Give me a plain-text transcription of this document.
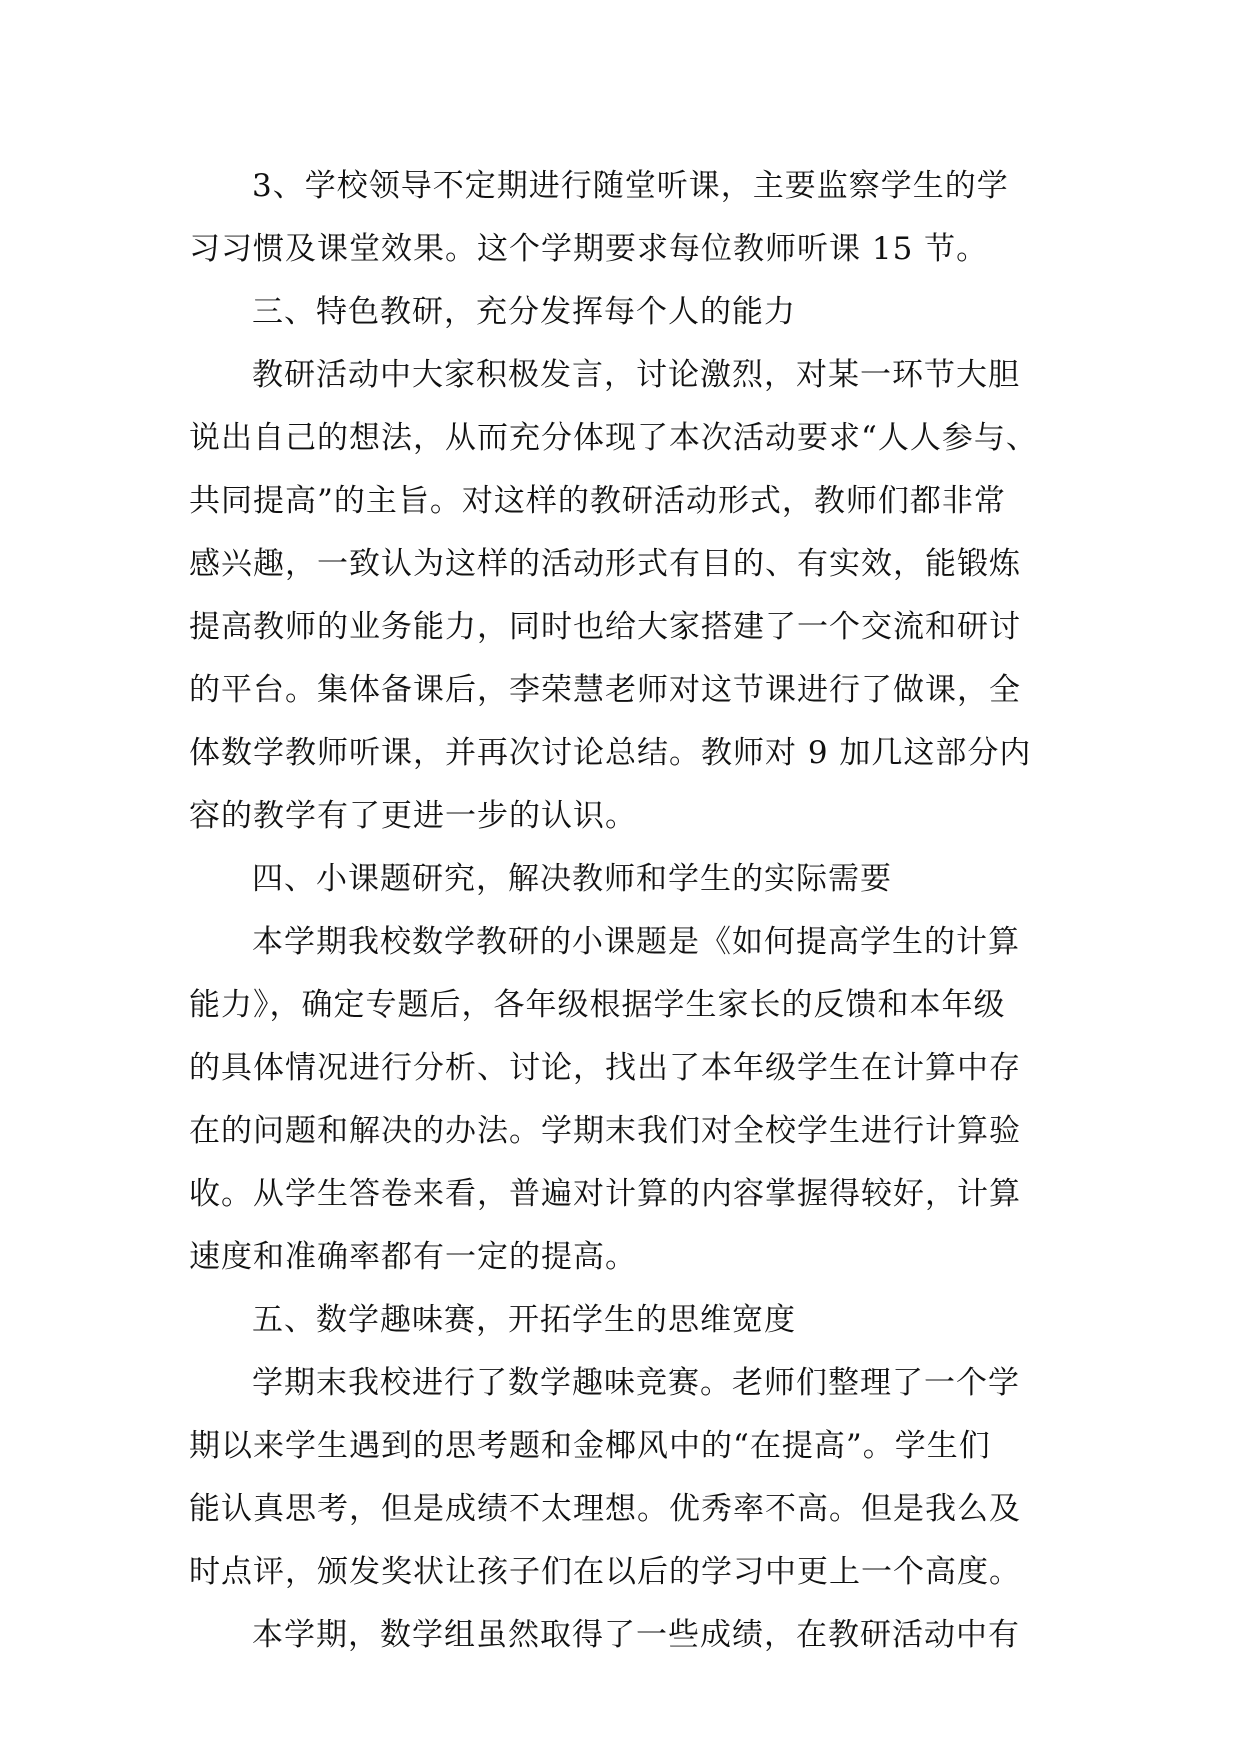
3、学校领导不定期进行随堂听课，主要监察学生的学
习习惯及课堂效果。这个学期要求每位教师听课 15 节。
三、特色教研，充分发挥每个人的能力
教研活动中大家积极发言，讨论激烈，对某一环节大胆
说出自己的想法，从而充分体现了本次活动要求“人人参与、
共同提高”的主旨。对这样的教研活动形式，教师们都非常
感兴趣，一致认为这样的活动形式有目的、有实效，能锻炼
提高教师的业务能力，同时也给大家搭建了一个交流和研讨
的平台。集体备课后，李荣慧老师对这节课进行了做课，全
体数学教师听课，并再次讨论总结。教师对 9 加几这部分内
容的教学有了更进一步的认识。
四、小课题研究，解决教师和学生的实际需要
本学期我校数学教研的小课题是《如何提高学生的计算
能力》，确定专题后，各年级根据学生家长的反馈和本年级
的具体情况进行分析、讨论，找出了本年级学生在计算中存
在的问题和解决的办法。学期末我们对全校学生进行计算验
收。从学生答卷来看，普遍对计算的内容掌握得较好，计算
速度和准确率都有一定的提高。
五、数学趣味赛，开拓学生的思维宽度
学期末我校进行了数学趣味竞赛。老师们整理了一个学
期以来学生遇到的思考题和金椰风中的“在提高”。学生们
能认真思考，但是成绩不太理想。优秀率不高。但是我么及
时点评，颁发奖状让孩子们在以后的学习中更上一个高度。
本学期，数学组虽然取得了一些成绩，在教研活动中有
